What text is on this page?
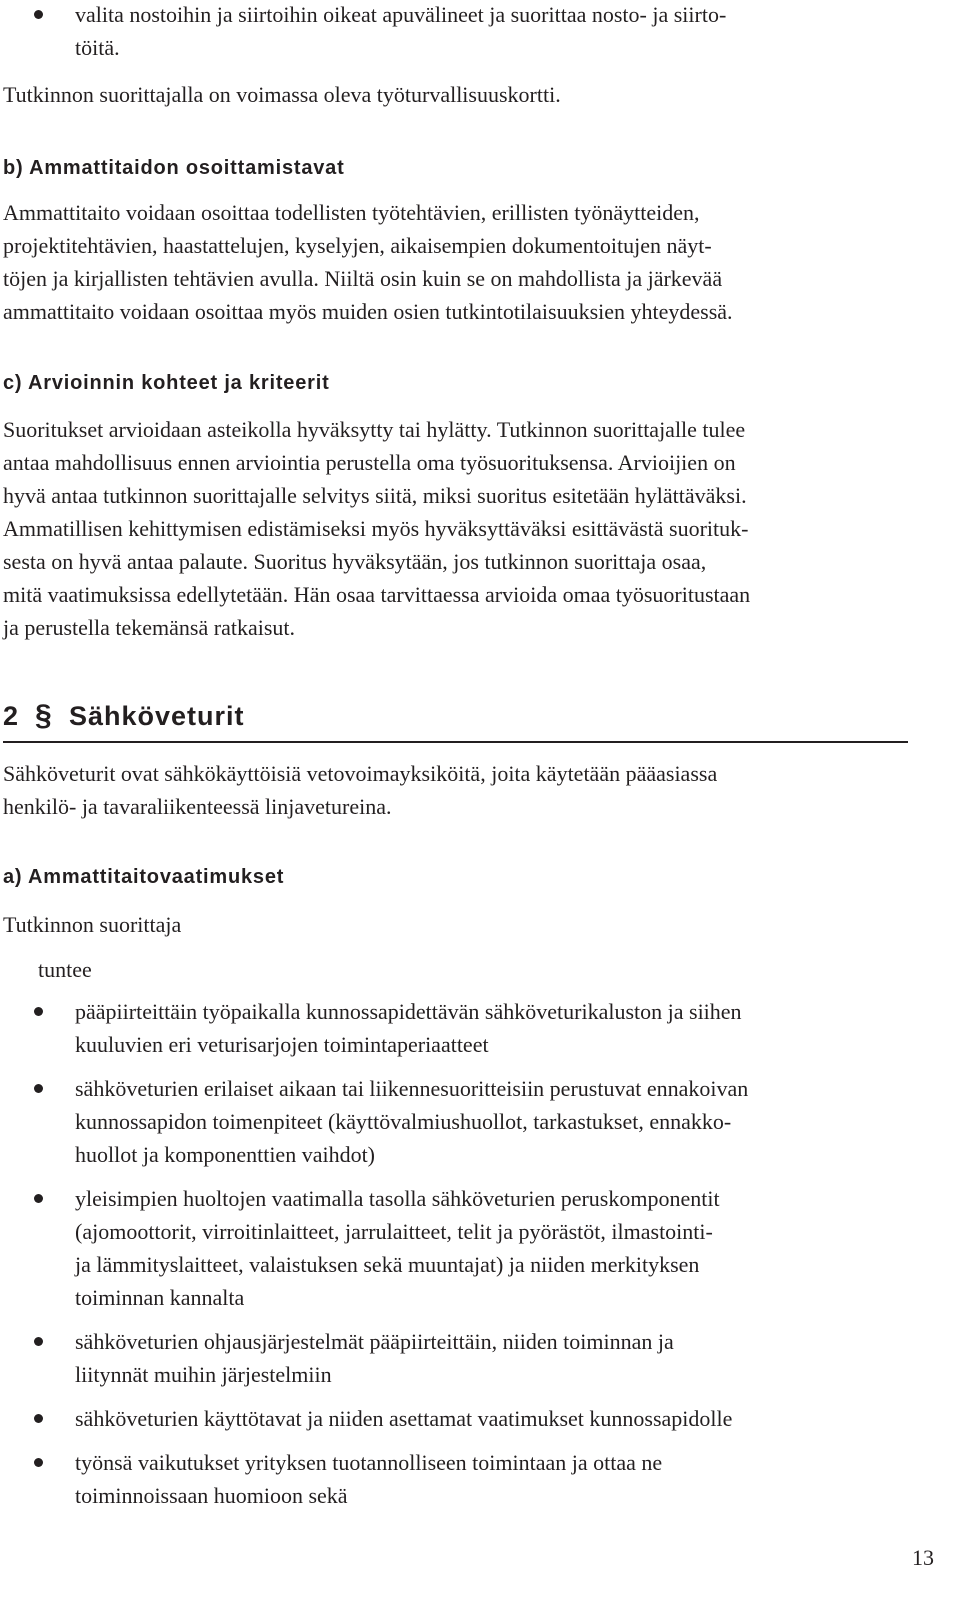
valita nostoihin ja siirtoihin oikeat apuvälineet ja suorittaa nosto- ja siirto-
töitä.
Tutkinnon suorittajalla on voimassa oleva työturvallisuuskortti.
b) Ammattitaidon osoittamistavat
Ammattitaito voidaan osoittaa todellisten työtehtävien, erillisten työnäytteiden,
projektitehtävien, haastattelujen, kyselyjen, aikaisempien dokumentoitujen näyt-
töjen ja kirjallisten tehtävien avulla. Niiltä osin kuin se on mahdollista ja järkevää
ammattitaito voidaan osoittaa myös muiden osien tutkintotilaisuuksien yhteydessä.
c) Arvioinnin kohteet ja kriteerit
Suoritukset arvioidaan asteikolla hyväksytty tai hylätty. Tutkinnon suorittajalle tulee
antaa mahdollisuus ennen arviointia perustella oma työsuorituksensa. Arvioijien on
hyvä antaa tutkinnon suorittajalle selvitys siitä, miksi suoritus esitetään hylättäväksi.
Ammatillisen kehittymisen edistämiseksi myös hyväksyttäväksi esittävästä suorituk-
sesta on hyvä antaa palaute. Suoritus hyväksytään, jos tutkinnon suorittaja osaa,
mitä vaatimuksissa edellytetään. Hän osaa tarvittaessa arvioida omaa työsuoritustaan
ja perustella tekemänsä ratkaisut.
2 § Sähköveturit
Sähköveturit ovat sähkökäyttöisiä vetovoimayksiköitä, joita käytetään pääasiassa
henkilö- ja tavaraliikenteessä linjavetureina.
a) Ammattitaitovaatimukset
Tutkinnon suorittaja
tuntee
pääpiirteittäin työpaikalla kunnossapidettävän sähköveturikaluston ja siihen
kuuluvien eri veturisarjojen toimintaperiaatteet
sähköveturien erilaiset aikaan tai liikennesuoritteisiin perustuvat ennakoivan
kunnossapidon toimenpiteet (käyttövalmiushuollot, tarkastukset, ennakko-
huollot ja komponenttien vaihdot)
yleisimpien huoltojen vaatimalla tasolla sähköveturien peruskomponentit
(ajomoottorit, virroitinlaitteet, jarrulaitteet, telit ja pyörästöt, ilmastointi-
ja lämmityslaitteet, valaistuksen sekä muuntajat) ja niiden merkityksen
toiminnan kannalta
sähköveturien ohjausjärjestelmät pääpiirteittäin, niiden toiminnan ja
liitynnät muihin järjestelmiin
sähköveturien käyttötavat ja niiden asettamat vaatimukset kunnossapidolle
työnsä vaikutukset yrityksen tuotannolliseen toimintaan ja ottaa ne
toiminnoissaan huomioon sekä
13
